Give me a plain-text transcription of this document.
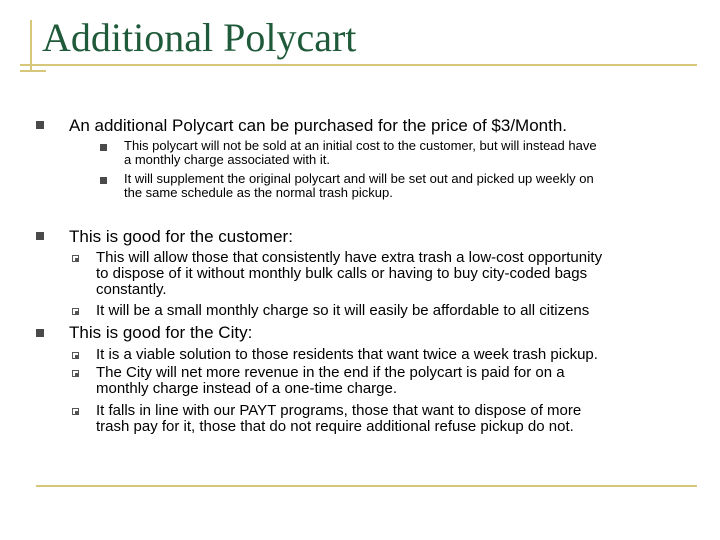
Additional Polycart
An additional Polycart can be purchased for the price of $3/Month.
This polycart will not be sold at an initial cost to the customer, but will instead have
a monthly charge associated with it.
It will supplement the original polycart and will be set out and picked up weekly on
the same schedule as the normal trash pickup.
This is good for the customer:
This will allow those that consistently have extra trash a low-cost opportunity
to dispose of it without monthly bulk calls or having to buy city-coded bags
constantly.
It will be a small monthly charge so it will easily be affordable to all citizens
This is good for the City:
It is a viable solution to those residents that want twice a week trash pickup.
The City will net more revenue in the end if the polycart is paid for on a
monthly charge instead of a one-time charge.
It falls in line with our PAYT programs, those that want to dispose of more
trash pay for it, those that do not require additional refuse pickup do not.
